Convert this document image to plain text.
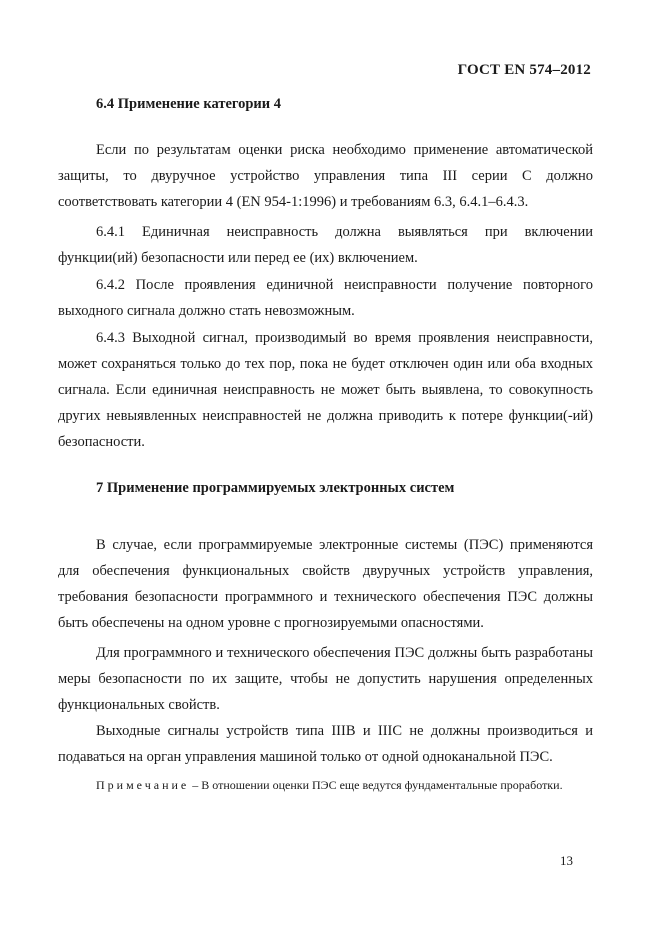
ГОСТ EN 574–2012
6.4 Применение категории 4

Если по результатам оценки риска необходимо применение автоматической защиты, то двуручное устройство управления типа III серии С должно соответствовать категории 4 (EN 954-1:1996) и требованиям 6.3, 6.4.1–6.4.3.

6.4.1 Единичная неисправность должна выявляться при включении функции(ий) безопасности или перед ее (их) включением.

6.4.2 После проявления единичной неисправности получение повторного выходного сигнала должно стать невозможным.

6.4.3 Выходной сигнал, производимый во время проявления неисправности, может сохраняться только до тех пор, пока не будет отключен один или оба входных сигнала. Если единичная неисправность не может быть выявлена, то совокупность других невыявленных неисправностей не должна приводить к потере функции(-ий) безопасности.

7 Применение программируемых электронных систем

В случае, если программируемые электронные системы (ПЭС) применяются для обеспечения функциональных свойств двуручных устройств управления, требования безопасности программного и технического обеспечения ПЭС должны быть обеспечены на одном уровне с прогнозируемыми опасностями.

Для программного и технического обеспечения ПЭС должны быть разработаны меры безопасности по их защите, чтобы не допустить нарушения определенных функциональных свойств.

Выходные сигналы устройств типа IIIВ и IIIС не должны производиться и подаваться на орган управления машиной только от одной одноканальной ПЭС.

Примечание – В отношении оценки ПЭС еще ведутся фундаментальные проработки.

13
